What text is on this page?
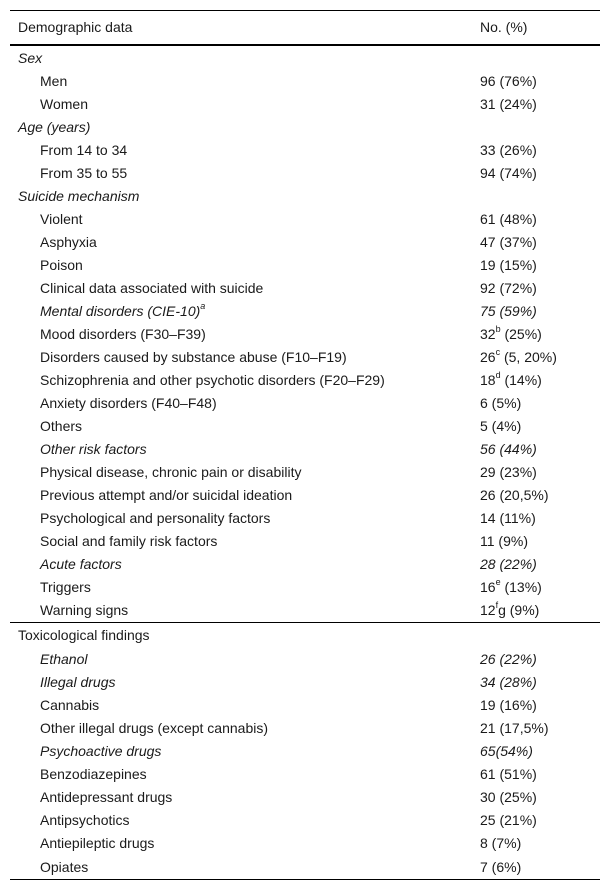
Demographic data	No. (%)
Sex
Men	96 (76%)
Women	31 (24%)
Age (years)
From 14 to 34	33 (26%)
From 35 to 55	94 (74%)
Suicide mechanism
Violent	61 (48%)
Asphyxia	47 (37%)
Poison	19 (15%)
Clinical data associated with suicide	92 (72%)
Mental disorders $(CIE-10)^a$	75 (59%)
Mood disorders (F30–F39)	32$^b$ (25%)
Disorders caused by substance abuse (F10–F19)	26$^c$ (5, 20%)
Schizophrenia and other psychotic disorders (F20–F29)	18$^d$ (14%)
Anxiety disorders (F40–F48)	6 (5%)
Others	5 (4%)
Other risk factors	56 (44%)
Physical disease, chronic pain or disability	29 (23%)
Previous attempt and/or suicidal ideation	26 (20,5%)
Psychological and personality factors	14 (11%)
Social and family risk factors	11 (9%)
Acute factors	28 (22%)
Triggers	16e (13%)
Warning signs	12$^f$g (9%)
Toxicological findings
Ethanol	26 (22%)
Illegal drugs	34 (28%)
Cannabis	19 (16%)
Other illegal drugs (except cannabis)	21 (17,5%)
Psychoactive drugs	65(54%)
Benzodiazepines	61 (51%)
Antidepressant drugs	30 (25%)
Antipsychotics	25 (21%)
Antiepileptic drugs	8 (7%)
Opiates	7 (6%)
